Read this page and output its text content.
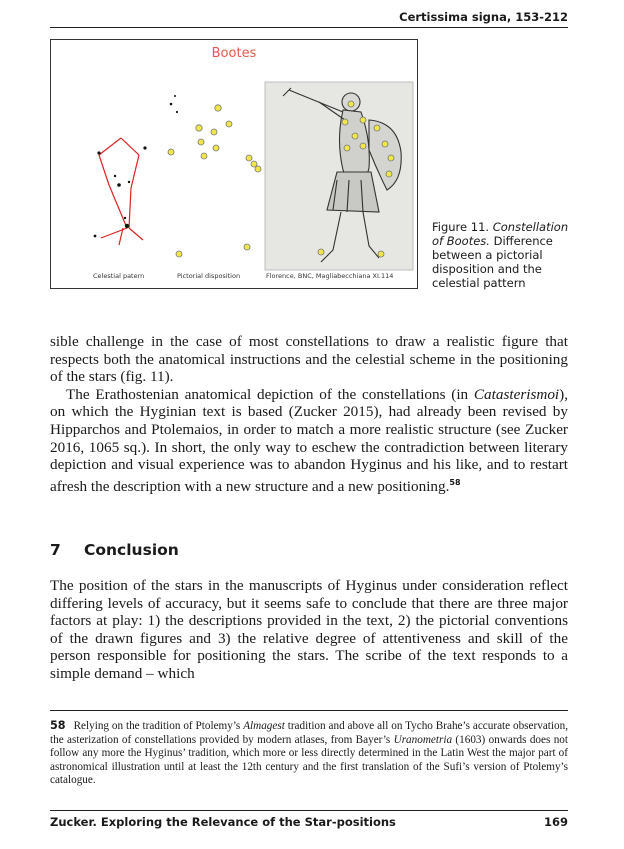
Certissima signa, 153-212
Bootes
Celestial patern	Pictorial disposition	Florence, BNC, Magliabecchiana XI.114
Figure 11. Constellation of Bootes. Difference between a pictorial disposition and the celestial pattern

sible challenge in the case of most constellations to draw a realistic figure that respects both the anatomical instructions and the celestial scheme in the positioning of the stars (fig. 11).

The Erathostenian anatomical depiction of the constellations (in Catasterismoi), on which the Hyginian text is based (Zucker 2015), had already been revised by Hipparchos and Ptolemaios, in order to match a more realistic structure (see Zucker 2016, 1065 sq.). In short, the only way to eschew the contradiction between literary depiction and visual experience was to abandon Hyginus and his like, and to restart afresh the description with a new structure and a new positioning.$^{58}$

7 Conclusion

The position of the stars in the manuscripts of Hyginus under consideration reflect differing levels of accuracy, but it seems safe to conclude that there are three major factors at play: 1) the descriptions provided in the text, 2) the pictorial conventions of the drawn figures and 3) the relative degree of attentiveness and skill of the person responsible for positioning the stars. The scribe of the text responds to a simple demand – which

58 Relying on the tradition of Ptolemy’s Almagest tradition and above all on Tycho Brahe’s accurate observation, the asterization of constellations provided by modern atlases, from Bayer’s Uranometria (1603) onwards does not follow any more the Hyginus’ tradition, which more or less directly determined in the Latin West the major part of astronomical illustration until at least the 12th century and the first translation of the Sufi’s version of Ptolemy’s catalogue.
Zucker. Exploring the Relevance of the Star-positions	169
